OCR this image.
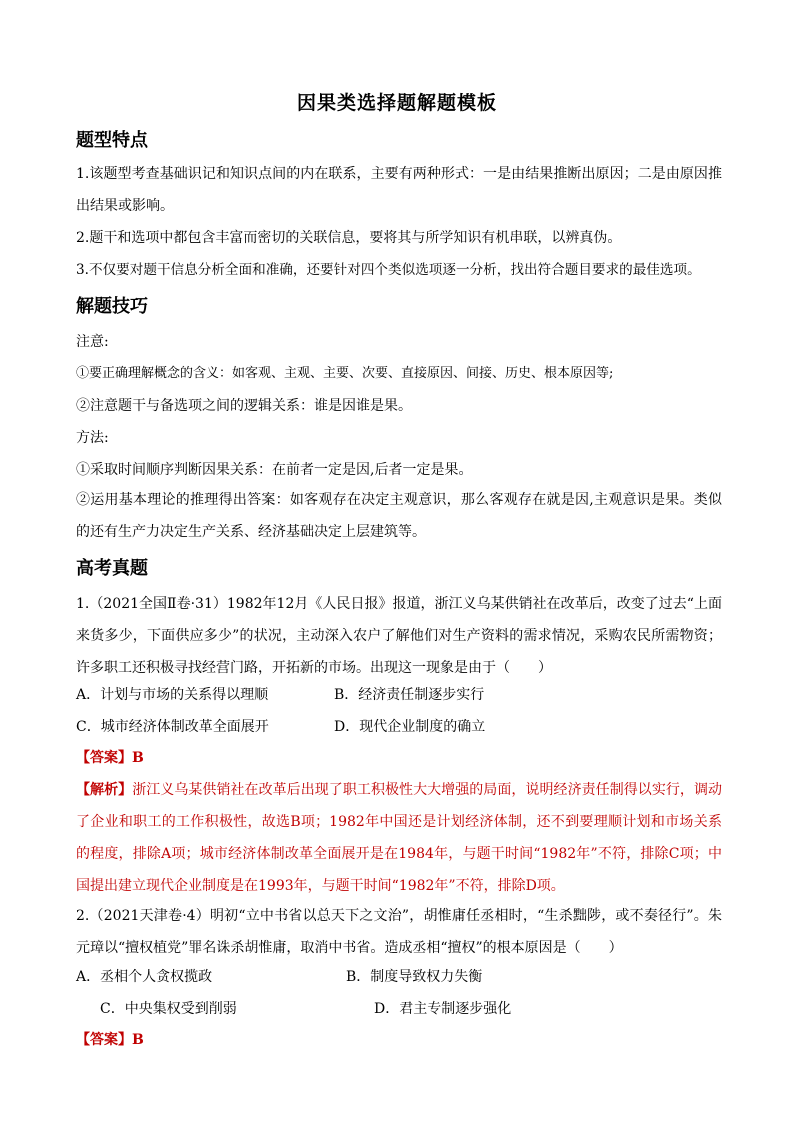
因果类选择题解题模板
题型特点
1.该题型考查基础识记和知识点间的内在联系，主要有两种形式：一是由结果推断出原因；二是由原因推出结果或影响。
2.题干和选项中都包含丰富而密切的关联信息，要将其与所学知识有机串联，以辨真伪。
3.不仅要对题干信息分析全面和准确，还要针对四个类似选项逐一分析，找出符合题目要求的最佳选项。
解题技巧
注意:
①要正确理解概念的含义：如客观、主观、主要、次要、直接原因、间接、历史、根本原因等;
②注意题干与备选项之间的逻辑关系：谁是因谁是果。
方法:
①采取时间顺序判断因果关系：在前者一定是因,后者一定是果。
②运用基本理论的推理得出答案：如客观存在决定主观意识，那么客观存在就是因,主观意识是果。类似的还有生产力决定生产关系、经济基础决定上层建筑等。
高考真题
1.（2021全国Ⅱ卷·31）1982年12月《人民日报》报道，浙江义乌某供销社在改革后，改变了过去“上面来货多少，下面供应多少”的状况，主动深入农户了解他们对生产资料的需求情况，采购农民所需物资；许多职工还积极寻找经营门路，开拓新的市场。出现这一现象是由于（　　）
A．计划与市场的关系得以理顺	B．经济责任制逐步实行
C．城市经济体制改革全面展开	D．现代企业制度的确立
【答案】B
【解析】浙江义乌某供销社在改革后出现了职工积极性大大增强的局面，说明经济责任制得以实行，调动了企业和职工的工作积极性，故选B项；1982年中国还是计划经济体制，还不到要理顺计划和市场关系的程度，排除A项；城市经济体制改革全面展开是在1984年，与题干时间“1982年”不符，排除C项；中国提出建立现代企业制度是在1993年，与题干时间“1982年”不符，排除D项。
2.（2021天津卷·4）明初“立中书省以总天下之文治”，胡惟庸任丞相时，“生杀黜陟，或不奏径行”。朱元璋以“擅权植党”罪名诛杀胡惟庸，取消中书省。造成丞相“擅权”的根本原因是（　　）
A．丞相个人贪权揽政	B．制度导致权力失衡
C．中央集权受到削弱	D．君主专制逐步强化
【答案】B
